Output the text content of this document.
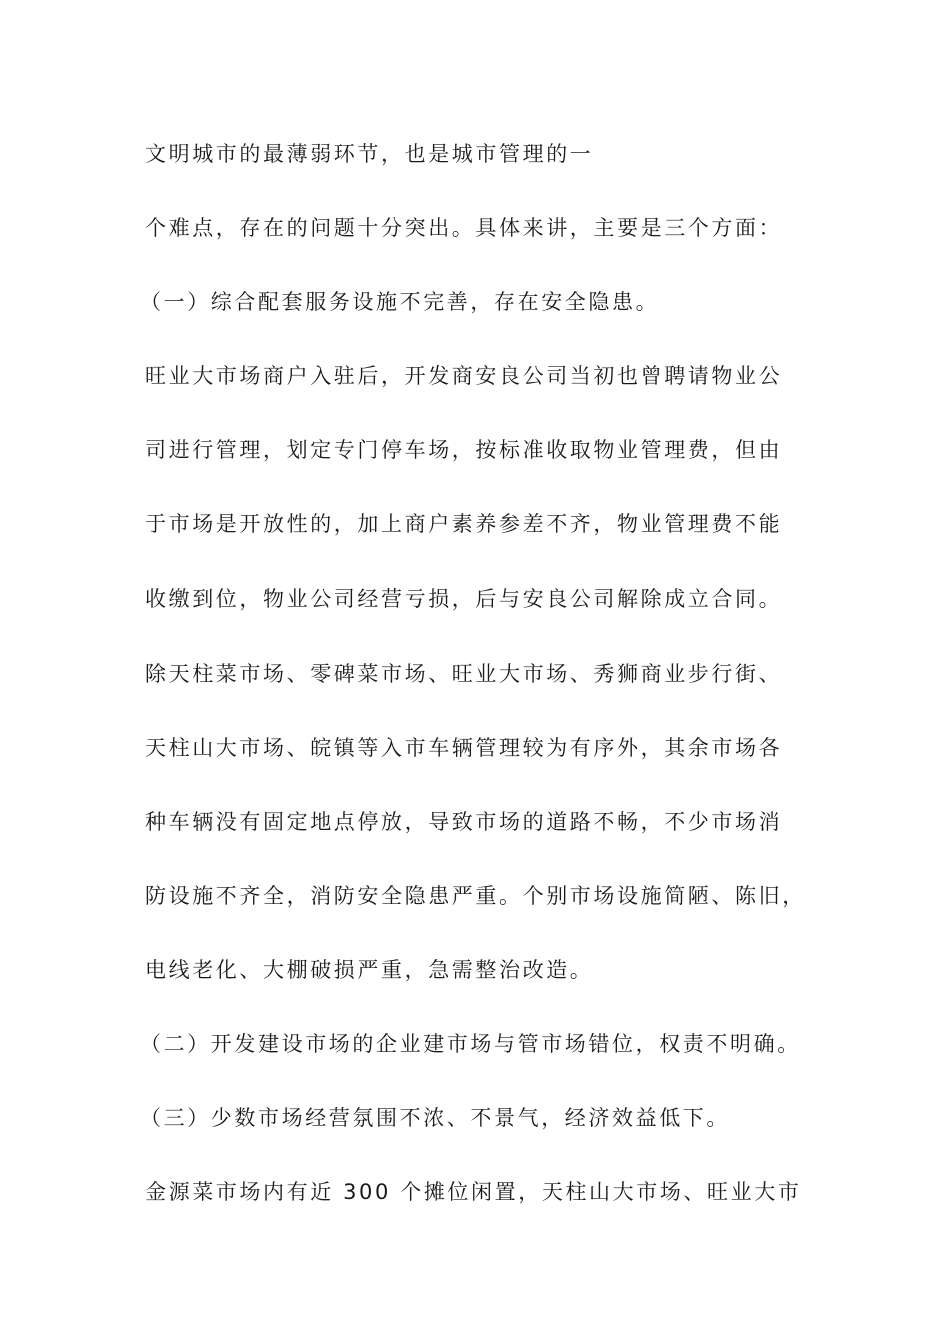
文明城市的最薄弱环节，也是城市管理的一
个难点，存在的问题十分突出。具体来讲，主要是三个方面：
（一）综合配套服务设施不完善，存在安全隐患。
旺业大市场商户入驻后，开发商安良公司当初也曾聘请物业公
司进行管理，划定专门停车场，按标准收取物业管理费，但由
于市场是开放性的，加上商户素养参差不齐，物业管理费不能
收缴到位，物业公司经营亏损，后与安良公司解除成立合同。
除天柱菜市场、零碑菜市场、旺业大市场、秀狮商业步行街、
天柱山大市场、皖镇等入市车辆管理较为有序外，其余市场各
种车辆没有固定地点停放，导致市场的道路不畅，不少市场消
防设施不齐全，消防安全隐患严重。个别市场设施简陋、陈旧，
电线老化、大棚破损严重，急需整治改造。
（二）开发建设市场的企业建市场与管市场错位，权责不明确。
（三）少数市场经营氛围不浓、不景气，经济效益低下。
金源菜市场内有近 300 个摊位闲置，天柱山大市场、旺业大市
